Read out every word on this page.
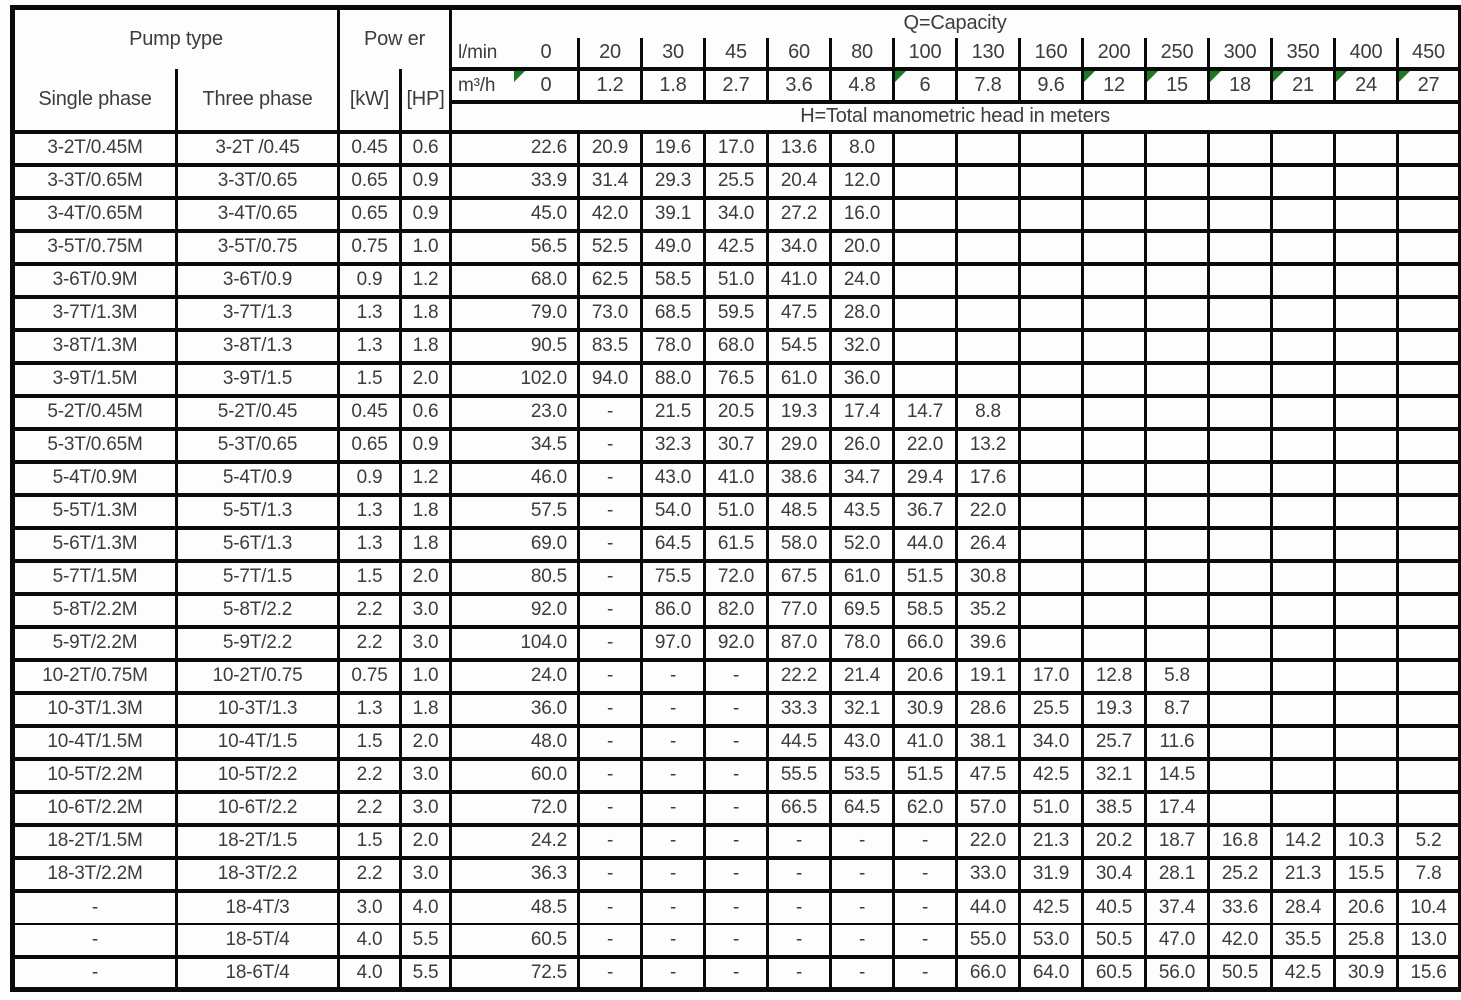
Pump type		Pow er		Q=Capacity														
				l/min 0	20	30	45	60	80	100	130	160	200	250	300	350	400	450
Single phase	Three phase	[kW]	[HP]	m³/h 0	1.2	1.8	2.7	3.6	4.8	6	7.8	9.6	12	15	18	21	24	27
				H=Total manometric head in meters														
3-2T/0.45M	3-2T /0.45	0.45	0.6	22.6	20.9	19.6	17.0	13.6	8.0									
3-3T/0.65M	3-3T/0.65	0.65	0.9	33.9	31.4	29.3	25.5	20.4	12.0									
3-4T/0.65M	3-4T/0.65	0.65	0.9	45.0	42.0	39.1	34.0	27.2	16.0									
3-5T/0.75M	3-5T/0.75	0.75	1.0	56.5	52.5	49.0	42.5	34.0	20.0									
3-6T/0.9M	3-6T/0.9	0.9	1.2	68.0	62.5	58.5	51.0	41.0	24.0									
3-7T/1.3M	3-7T/1.3	1.3	1.8	79.0	73.0	68.5	59.5	47.5	28.0									
3-8T/1.3M	3-8T/1.3	1.3	1.8	90.5	83.5	78.0	68.0	54.5	32.0									
3-9T/1.5M	3-9T/1.5	1.5	2.0	102.0	94.0	88.0	76.5	61.0	36.0									
5-2T/0.45M	5-2T/0.45	0.45	0.6	23.0	-	21.5	20.5	19.3	17.4	14.7	8.8							
5-3T/0.65M	5-3T/0.65	0.65	0.9	34.5	-	32.3	30.7	29.0	26.0	22.0	13.2							
5-4T/0.9M	5-4T/0.9	0.9	1.2	46.0	-	43.0	41.0	38.6	34.7	29.4	17.6							
5-5T/1.3M	5-5T/1.3	1.3	1.8	57.5	-	54.0	51.0	48.5	43.5	36.7	22.0							
5-6T/1.3M	5-6T/1.3	1.3	1.8	69.0	-	64.5	61.5	58.0	52.0	44.0	26.4							
5-7T/1.5M	5-7T/1.5	1.5	2.0	80.5	-	75.5	72.0	67.5	61.0	51.5	30.8							
5-8T/2.2M	5-8T/2.2	2.2	3.0	92.0	-	86.0	82.0	77.0	69.5	58.5	35.2							
5-9T/2.2M	5-9T/2.2	2.2	3.0	104.0	-	97.0	92.0	87.0	78.0	66.0	39.6							
10-2T/0.75M	10-2T/0.75	0.75	1.0	24.0	-	-	-	22.2	21.4	20.6	19.1	17.0	12.8	5.8				
10-3T/1.3M	10-3T/1.3	1.3	1.8	36.0	-	-	-	33.3	32.1	30.9	28.6	25.5	19.3	8.7				
10-4T/1.5M	10-4T/1.5	1.5	2.0	48.0	-	-	-	44.5	43.0	41.0	38.1	34.0	25.7	11.6				
10-5T/2.2M	10-5T/2.2	2.2	3.0	60.0	-	-	-	55.5	53.5	51.5	47.5	42.5	32.1	14.5				
10-6T/2.2M	10-6T/2.2	2.2	3.0	72.0	-	-	-	66.5	64.5	62.0	57.0	51.0	38.5	17.4				
18-2T/1.5M	18-2T/1.5	1.5	2.0	24.2	-	-	-	-	-	-	22.0	21.3	20.2	18.7	16.8	14.2	10.3	5.2
18-3T/2.2M	18-3T/2.2	2.2	3.0	36.3	-	-	-	-	-	-	33.0	31.9	30.4	28.1	25.2	21.3	15.5	7.8
-	18-4T/3	3.0	4.0	48.5	-	-	-	-	-	-	44.0	42.5	40.5	37.4	33.6	28.4	20.6	10.4
-	18-5T/4	4.0	5.5	60.5	-	-	-	-	-	-	55.0	53.0	50.5	47.0	42.0	35.5	25.8	13.0
-	18-6T/4	4.0	5.5	72.5	-	-	-	-	-	-	66.0	64.0	60.5	56.0	50.5	42.5	30.9	15.6
